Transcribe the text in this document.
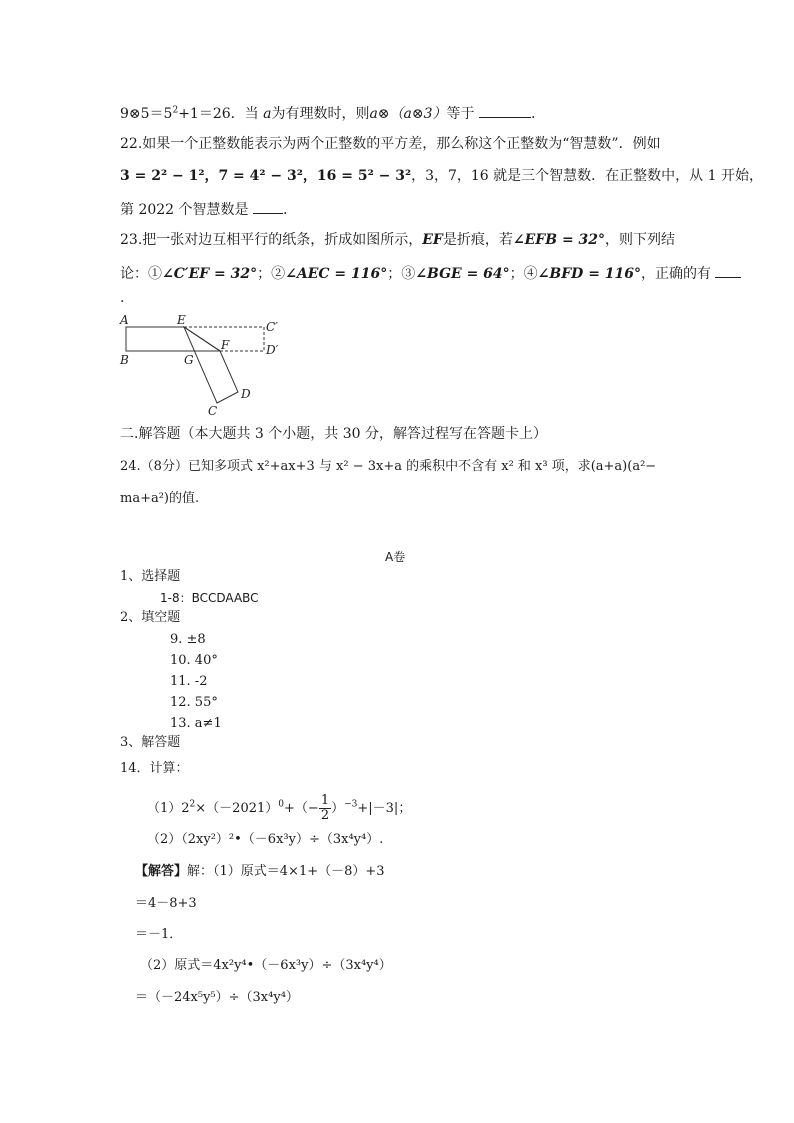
$9\otimes 5=5^2+1=26$．当 a为有理数时，则a⊗（a⊗3）等于	.
22.如果一个正整数能表示为两个正整数的平方差，那么称这个正整数为“智慧数”．例如
3 = 2² − 1²，7 = 4² − 3²，16 = 5² − 3²，3，7，16 就是三个智慧数．在正整数中，从 1 开始，
第 2022 个智慧数是 .
23.把一张对边互相平行的纸条，折成如图所示，EF是折痕，若∠EFB = 32°，则下列结
论：①∠C′EF = 32°；②∠AEC = 116°；③∠BGE = 64°；④∠BFD = 116°，正确的有
.
A	E	C′
B	G
F	D′
D
C
二.解答题（本大题共 3 个小题，共 30 分，解答过程写在答题卡上）
24.（8分）已知多项式 x²+ax+3 与 x² − 3x+a 的乘积中不含有 x² 和 x³ 项，求(a+a)(a²−
ma+a²)的值.
A卷
1、选择题
1-8：BCCDAABC
2、填空题
9. ±8
10. 40°
11. -2
12. 55°
13. a≠1
3、解答题
14．计算：
$(1)2^2\times(-2021)^0+(- \frac{1}{2} )^{-3}+|-3|$；
（2）（2xy²）²•（－6x³y）÷（3x⁴y⁴）.
【解答】解：（1）原式＝4×1+（－8）+3
＝4－8+3
＝－1．
（2）原式＝4x²y⁴•（－6x³y）÷（3x⁴y⁴）
＝（－24x⁵y⁵）÷（3x⁴y⁴）
